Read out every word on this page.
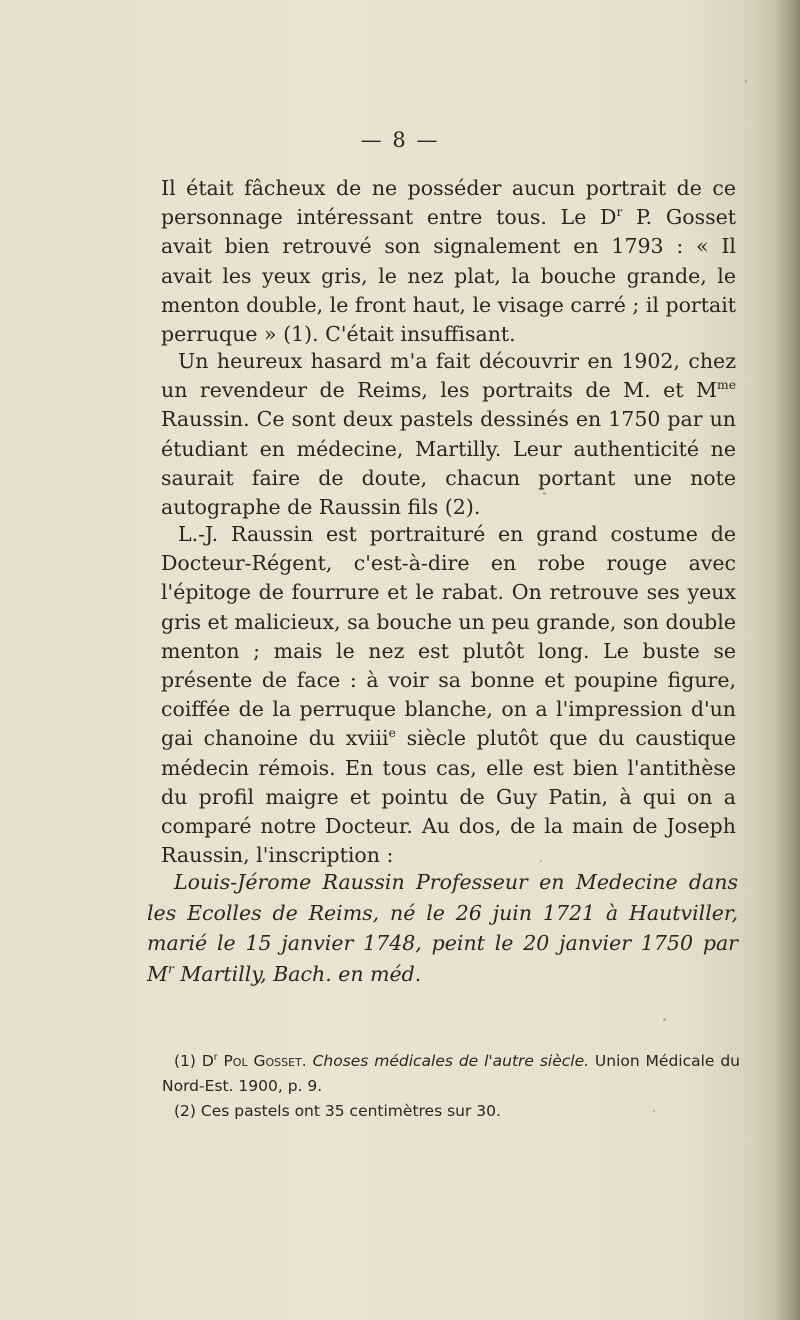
— 8 —

Il était fâcheux de ne posséder aucun portrait de ce personnage intéressant entre tous. Le $D^r$ P. Gosset avait bien retrouvé son signalement en 1793 : « Il avait les yeux gris, le nez plat, la bouche grande, le menton double, le front haut, le visage carré ; il portait perruque » (1). C'était insuffisant.

Un heureux hasard m'a fait découvrir en 1902, chez un revendeur de Reims, les portraits de M. et $M^{me}$ Raussin. Ce sont deux pastels dessinés en 1750 par un étudiant en médecine, Martilly. Leur authenticité ne saurait faire de doute, chacun portant une note autographe de Raussin fils (2).

L.-J. Raussin est portraituré en grand costume de Docteur-Régent, c'est-à-dire en robe rouge avec l'épitoge de fourrure et le rabat. On retrouve ses yeux gris et malicieux, sa bouche un peu grande, son double menton ; mais le nez est plutôt long. Le buste se présente de face : à voir sa bonne et poupine figure, coiffée de la perruque blanche, on a l'impression d'un gai chanoine du xviii$^e$ siècle plutôt que du caustique médecin rémois. En tous cas, elle est bien l'antithèse du profil maigre et pointu de Guy Patin, à qui on a comparé notre Docteur. Au dos, de la main de Joseph Raussin, l'inscription :

Louis-Jérome Raussin Professeur en Medecine dans les Ecolles de Reims, né le 26 juin 1721 à Hautviller, marié le 15 janvier 1748, peint le 20 janvier 1750 par $M^r$ Martilly, Bach. en méd.

(1) $D^r$ Pol Gosset. Choses médicales de l'autre siècle. Union Médicale du Nord-Est. 1900, p. 9.

(2) Ces pastels ont 35 centimètres sur 30.
